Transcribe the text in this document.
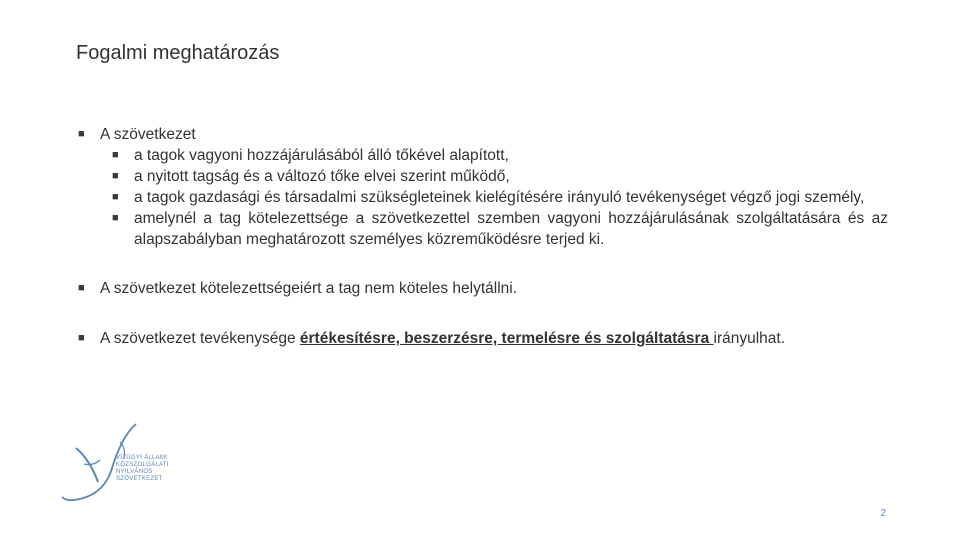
Fogalmi meghatározás
■ A szövetkezet
■ a tagok vagyoni hozzájárulásából álló tőkével alapított,
■ a nyitott tagság és a változó tőke elvei szerint működő,
■ a tagok gazdasági és társadalmi szükségleteinek kielégítésére irányuló tevékenységet végző jogi személy,
■ amelynél a tag kötelezettsége a szövetkezettel szemben vagyoni hozzájárulásának szolgáltatására és az alapszabályban meghatározott személyes közreműködésre terjed ki.
■ A szövetkezet kötelezettségeiért a tag nem köteles helytállni.
■ A szövetkezet tevékenysége értékesítésre, beszerzésre, termelésre és szolgáltatásra irányulhat.
VÍZÜGYI ÁLLAMI
KÖZSZOLGÁLATI
NYILVÁNOS
SZÖVETKEZET
2
